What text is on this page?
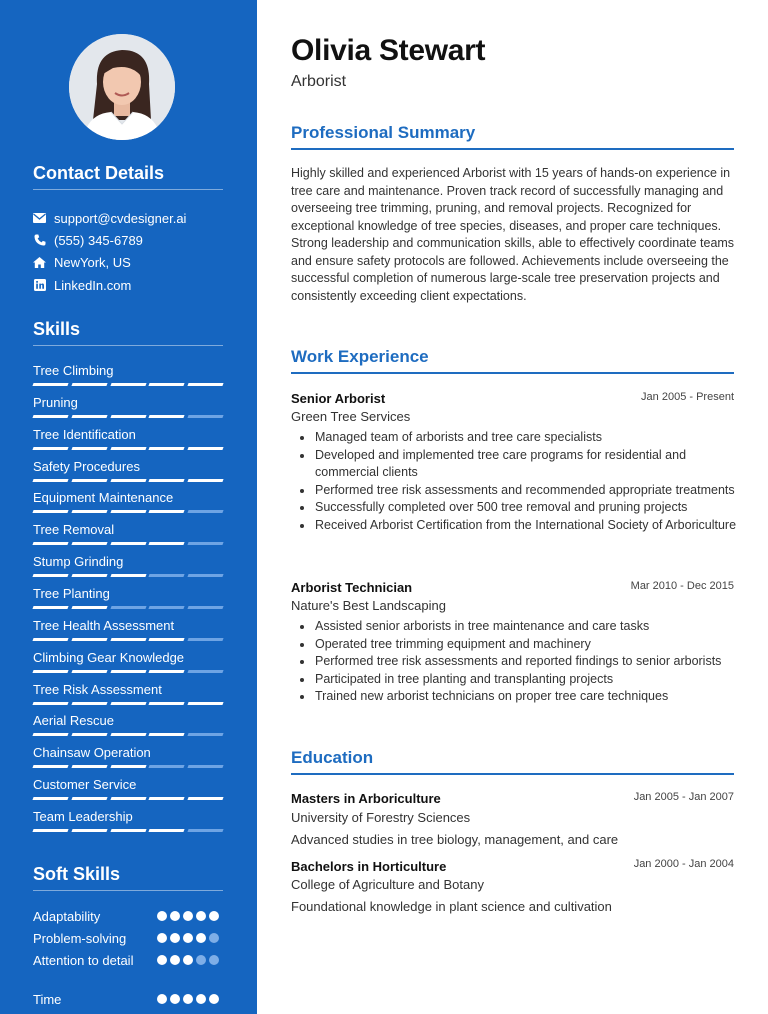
Contact Details
support@cvdesigner.ai
(555) 345-6789
NewYork, US
LinkedIn.com
Skills
Tree Climbing
Pruning
Tree Identification
Safety Procedures
Equipment Maintenance
Tree Removal
Stump Grinding
Tree Planting
Tree Health Assessment
Climbing Gear Knowledge
Tree Risk Assessment
Aerial Rescue
Chainsaw Operation
Customer Service
Team Leadership
Soft Skills
Adaptability
Problem-solving
Attention to detail
Time
Olivia Stewart
Arborist
Professional Summary
Highly skilled and experienced Arborist with 15 years of hands-on experience in tree care and maintenance. Proven track record of successfully managing and overseeing tree trimming, pruning, and removal projects. Recognized for exceptional knowledge of tree species, diseases, and proper care techniques. Strong leadership and communication skills, able to effectively coordinate teams and ensure safety protocols are followed. Achievements include overseeing the successful completion of numerous large-scale tree preservation projects and consistently exceeding client expectations.
Work Experience
Senior Arborist	Jan 2005 - Present
Green Tree Services
Managed team of arborists and tree care specialists
Developed and implemented tree care programs for residential and commercial clients
Performed tree risk assessments and recommended appropriate treatments
Successfully completed over 500 tree removal and pruning projects
Received Arborist Certification from the International Society of Arboriculture
Arborist Technician	Mar 2010 - Dec 2015
Nature's Best Landscaping
Assisted senior arborists in tree maintenance and care tasks
Operated tree trimming equipment and machinery
Performed tree risk assessments and reported findings to senior arborists
Participated in tree planting and transplanting projects
Trained new arborist technicians on proper tree care techniques
Education
Masters in Arboriculture	Jan 2005 - Jan 2007
University of Forestry Sciences
Advanced studies in tree biology, management, and care
Bachelors in Horticulture	Jan 2000 - Jan 2004
College of Agriculture and Botany
Foundational knowledge in plant science and cultivation
